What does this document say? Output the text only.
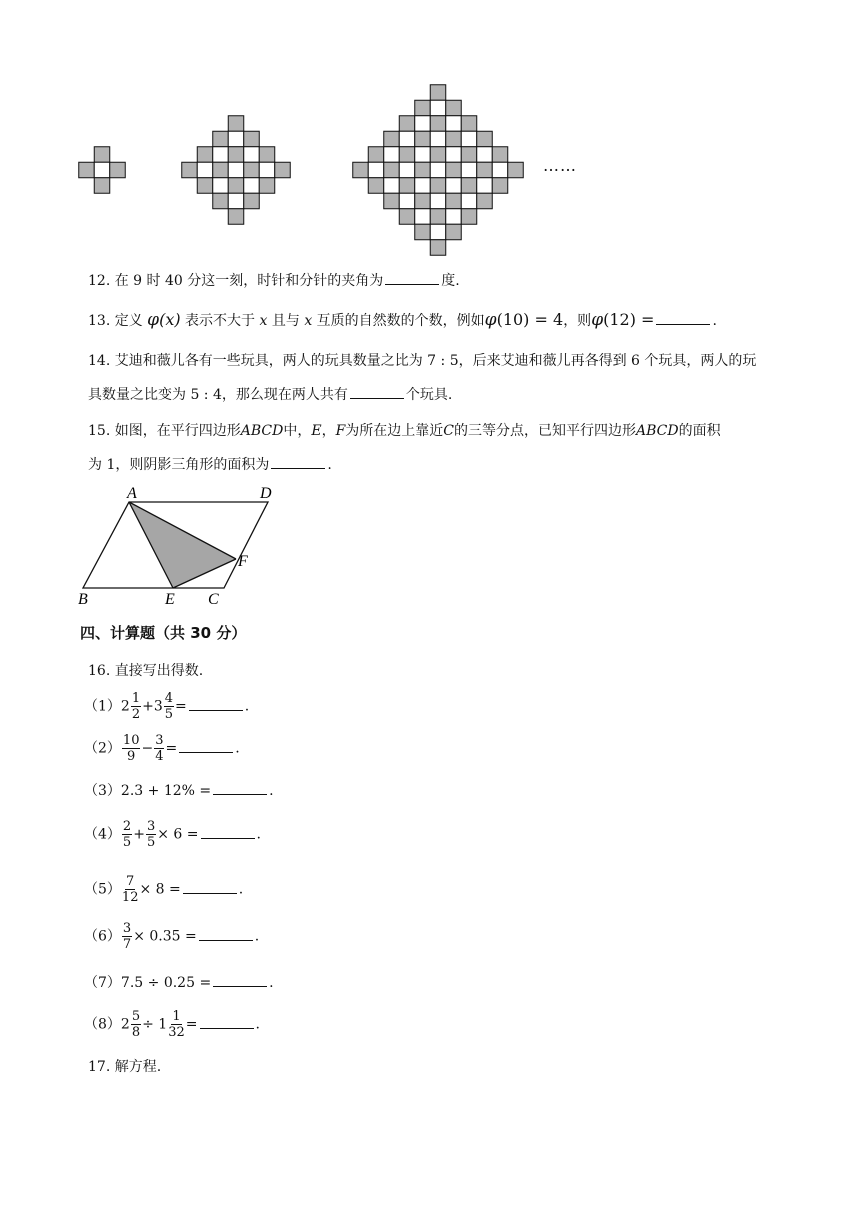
……
12. 在 9 时 40 分这一刻，时针和分针的夹角为	度.
13. 定义 φ(x) 表示不大于 x 且与 x 互质的自然数的个数，例如φ(10) = 4，则φ(12) =	.
14. 艾迪和薇儿各有一些玩具，两人的玩具数量之比为 7 : 5，后来艾迪和薇儿再各得到 6 个玩具，两人的玩
具数量之比变为 5 : 4，那么现在两人共有	个玩具.
15. 如图，在平行四边形ABCD中，E，F为所在边上靠近C的三等分点，已知平行四边形ABCD的面积
为 1，则阴影三角形的面积为	.
A	D
F
B	E C
四、计算题（共 30 分）
16. 直接写出得数.
$(1)2 \frac{1}{2} +3 \frac{4}{5}$ =	.
$(2) \frac{10}{9} - \frac{3}{4}$ =	.
（3）2.3 + 12% =	.
$(4) \frac{2}{5} + \frac{3}{5} \times 6$ =	.
$(5) \frac{7}{12} \times 8$ =	.
$(6) \frac{3}{7} \times 0.35$ =	.
（7）7.5 ÷ 0.25 =	.
$(8)2 \frac{5}{8} \div 1 \frac{1}{32}$ =	.
17. 解方程.
